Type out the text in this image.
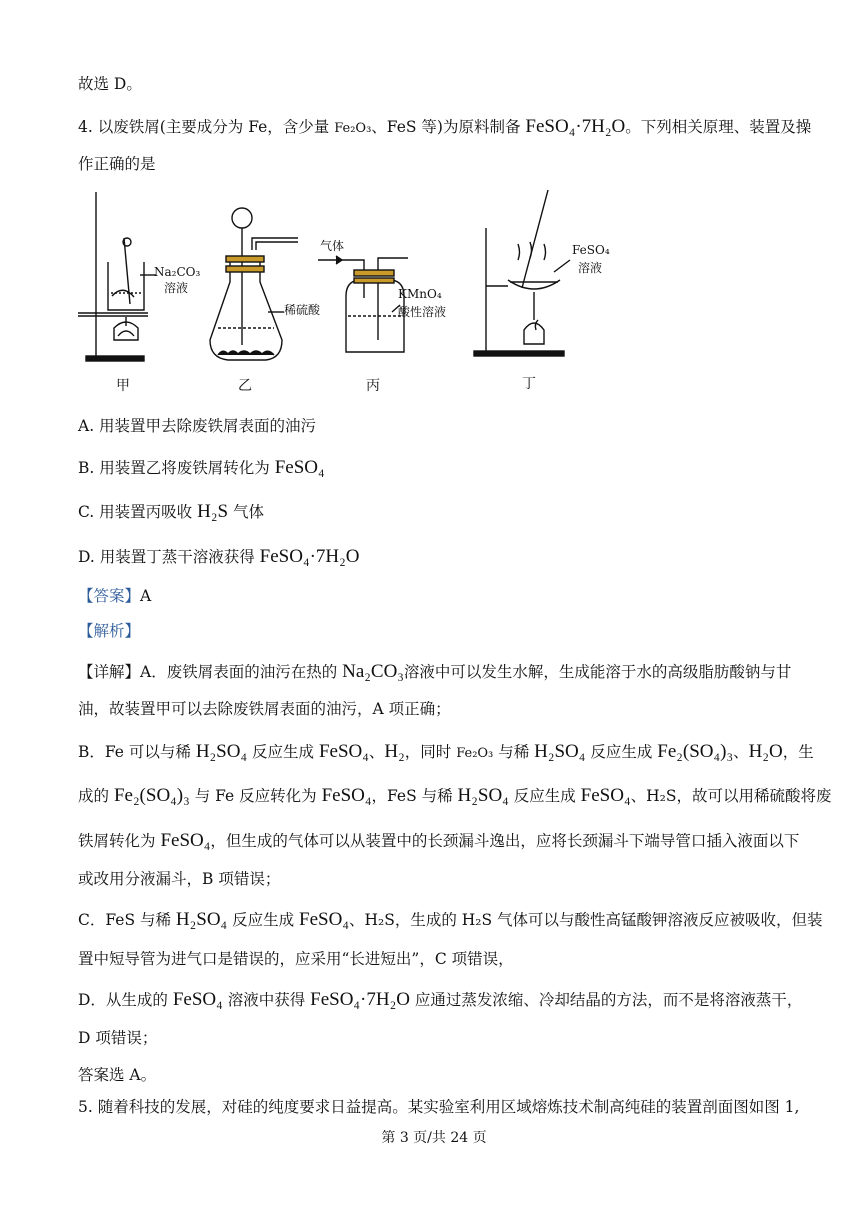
故选 D。
4. 以废铁屑(主要成分为 Fe，含少量 Fe₂O₃、FeS 等)为原料制备 FeSO₄·7H₂O。下列相关原理、装置及操
作正确的是
Na₂CO₃
溶液
甲
稀硫酸
乙
气体
KMnO₄
酸性溶液
丙
FeSO₄
溶液
丁
A. 用装置甲去除废铁屑表面的油污
B. 用装置乙将废铁屑转化为 FeSO₄
C. 用装置丙吸收 H₂S 气体
D. 用装置丁蒸干溶液获得 FeSO₄·7H₂O
【答案】A
【解析】
【详解】A．废铁屑表面的油污在热的 Na₂CO₃溶液中可以发生水解，生成能溶于水的高级脂肪酸钠与甘
油，故装置甲可以去除废铁屑表面的油污，A 项正确；
B．Fe 可以与稀 H₂SO₄ 反应生成 FeSO₄、H₂，同时 Fe₂O₃ 与稀 H₂SO₄ 反应生成 Fe₂(SO₄)₃、H₂O，生
成的 Fe₂(SO₄)₃ 与 Fe 反应转化为 FeSO₄，FeS 与稀 H₂SO₄ 反应生成 FeSO₄、H₂S，故可以用稀硫酸将废
铁屑转化为 FeSO₄，但生成的气体可以从装置中的长颈漏斗逸出，应将长颈漏斗下端导管口插入液面以下
或改用分液漏斗，B 项错误；
C．FeS 与稀 H₂SO₄ 反应生成 FeSO₄、H₂S，生成的 H₂S 气体可以与酸性高锰酸钾溶液反应被吸收，但装
置中短导管为进气口是错误的，应采用“长进短出”，C 项错误，
D．从生成的 FeSO₄ 溶液中获得 FeSO₄·7H₂O 应通过蒸发浓缩、冷却结晶的方法，而不是将溶液蒸干，
D 项错误；
答案选 A。
5. 随着科技的发展，对硅的纯度要求日益提高。某实验室利用区域熔炼技术制高纯硅的装置剖面图如图 1,
第 3 页/共 24 页
